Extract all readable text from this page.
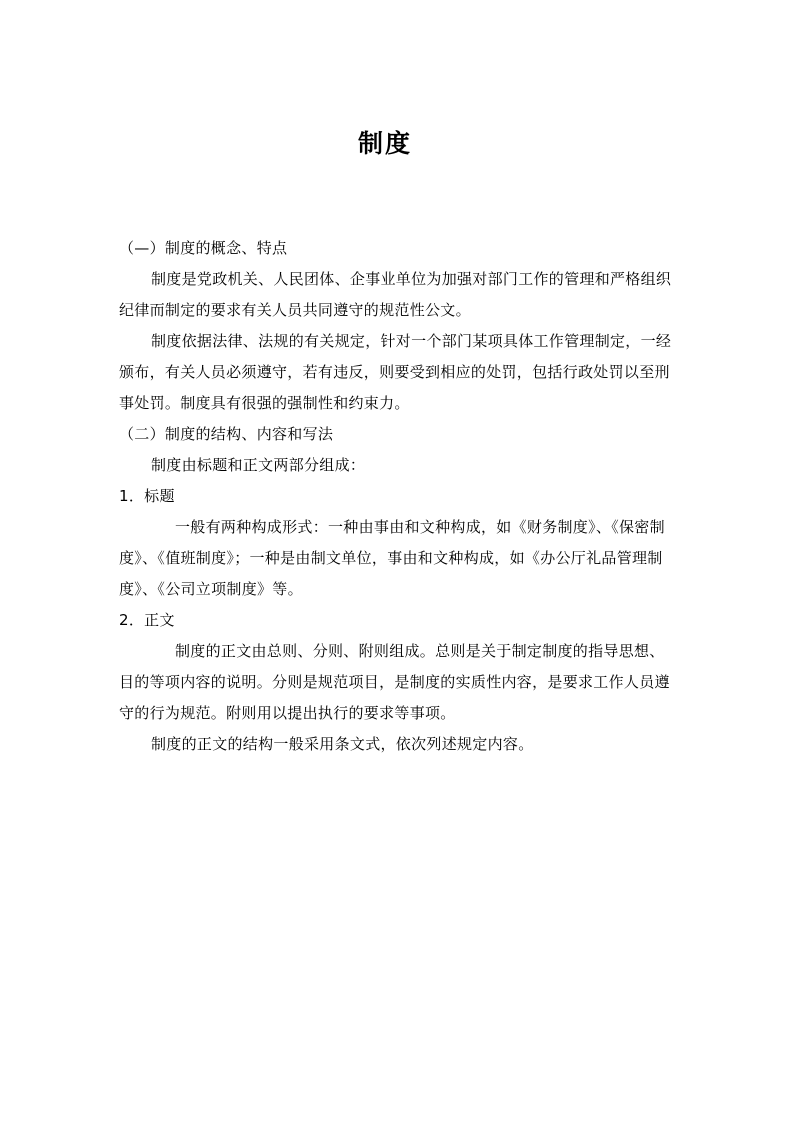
制度

（—）制度的概念、特点

制度是党政机关、人民团体、企事业单位为加强对部门工作的管理和严格组织纪律而制定的要求有关人员共同遵守的规范性公文。

制度依据法律、法规的有关规定，针对一个部门某项具体工作管理制定，一经颁布，有关人员必须遵守，若有违反，则要受到相应的处罚，包括行政处罚以至刑事处罚。制度具有很强的强制性和约束力。

（二）制度的结构、内容和写法

制度由标题和正文两部分组成：

1．标题

一般有两种构成形式：一种由事由和文种构成，如《财务制度》、《保密制度》、《值班制度》；一种是由制文单位，事由和文种构成，如《办公厅礼品管理制度》、《公司立项制度》等。

2．正文

制度的正文由总则、分则、附则组成。总则是关于制定制度的指导思想、目的等项内容的说明。分则是规范项目，是制度的实质性内容，是要求工作人员遵守的行为规范。附则用以提出执行的要求等事项。

制度的正文的结构一般采用条文式，依次列述规定内容。
